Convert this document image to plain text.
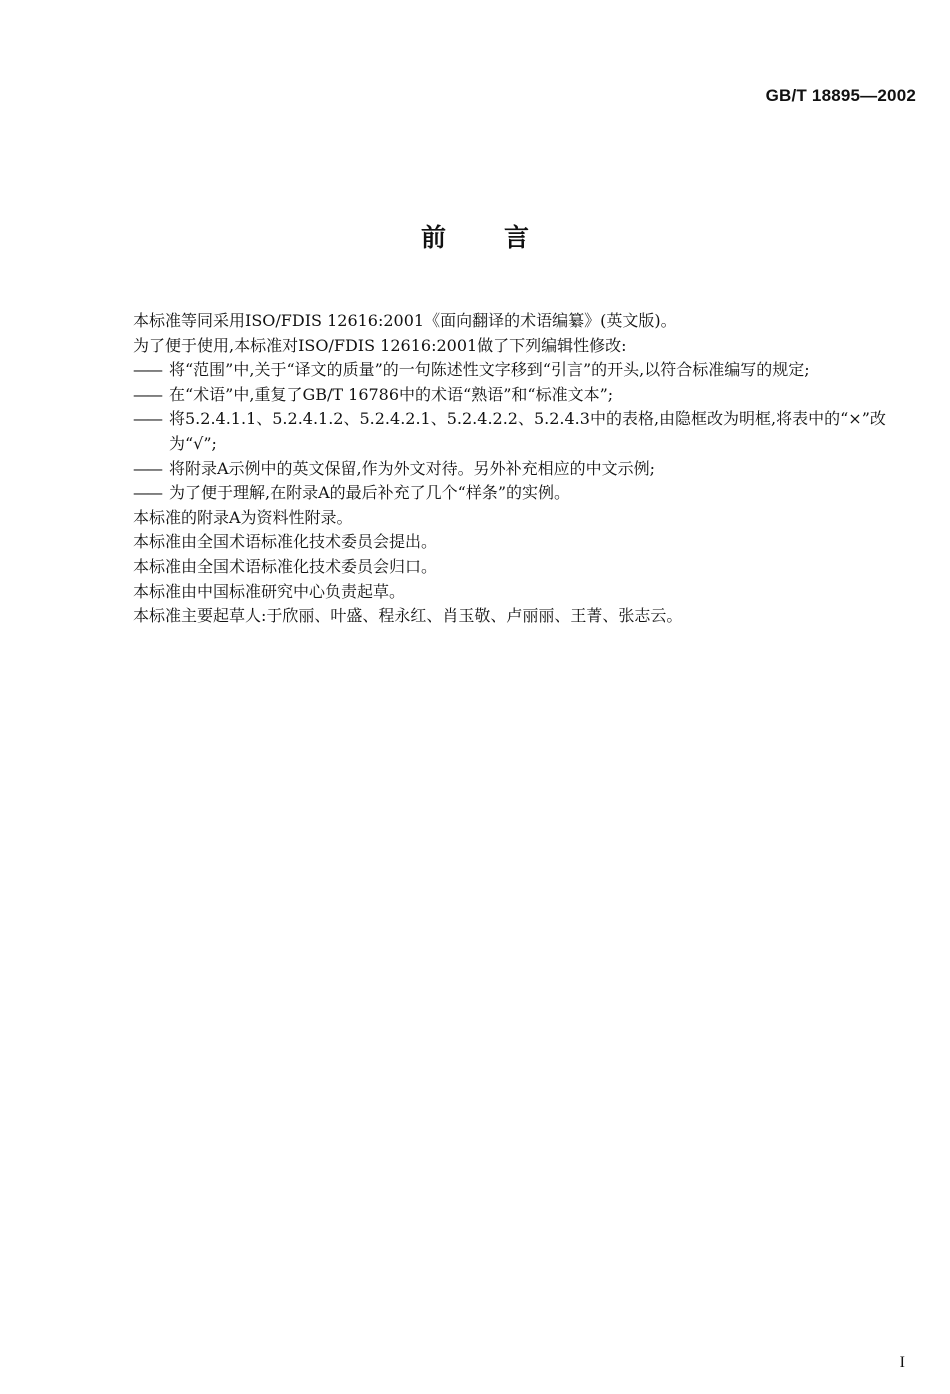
GB/T 18895—2002
前言

本标准等同采用ISO/FDIS 12616:2001《面向翻译的术语编纂》(英文版)。

为了便于使用,本标准对ISO/FDIS 12616:2001做了下列编辑性修改:

—— 将“范围”中,关于“译文的质量”的一句陈述性文字移到“引言”的开头,以符合标准编写的规定;
—— 在“术语”中,重复了GB/T 16786中的术语“熟语”和“标准文本”;
—— 将5.2.4.1.1、5.2.4.1.2、5.2.4.2.1、5.2.4.2.2、5.2.4.3中的表格,由隐框改为明框,将表中的“×”改为“√”;
—— 将附录A示例中的英文保留,作为外文对待。另外补充相应的中文示例;
—— 为了便于理解,在附录A的最后补充了几个“样条”的实例。

本标准的附录A为资料性附录。

本标准由全国术语标准化技术委员会提出。

本标准由全国术语标准化技术委员会归口。

本标准由中国标准研究中心负责起草。

本标准主要起草人:于欣丽、叶盛、程永红、肖玉敬、卢丽丽、王菁、张志云。

I
